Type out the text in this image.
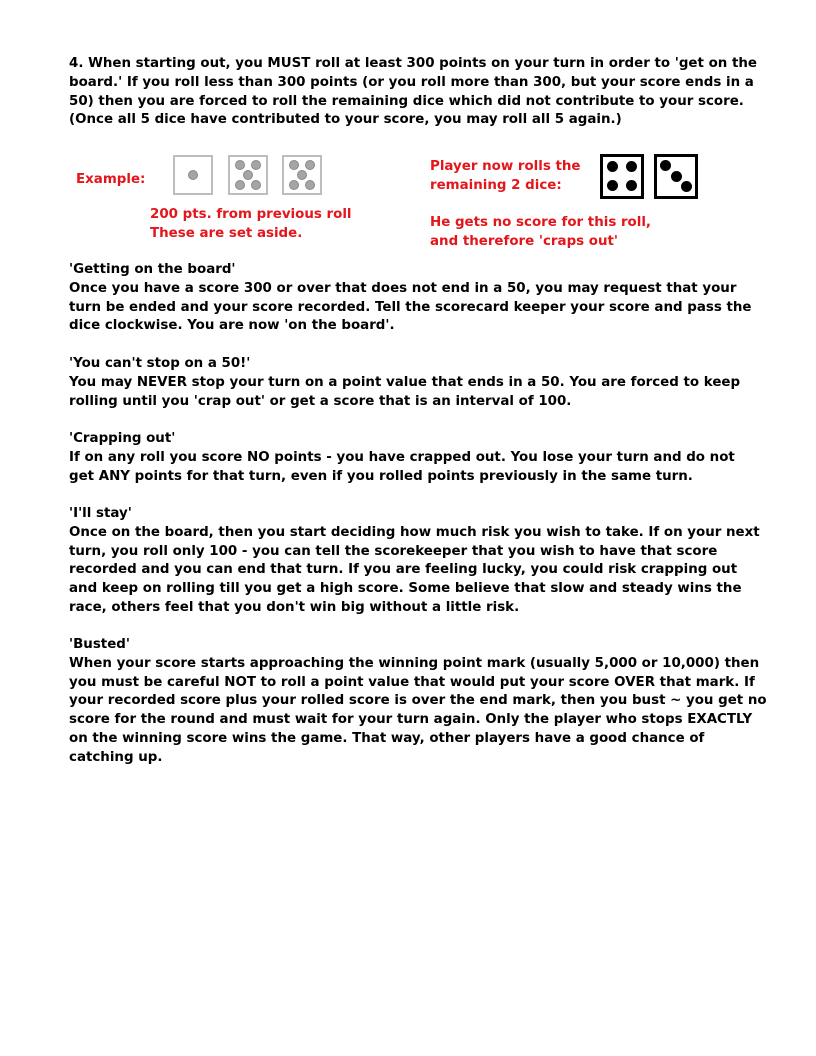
4. When starting out, you MUST roll at least 300 points on your turn in order to 'get on the
board.' If you roll less than 300 points (or you roll more than 300, but your score ends in a
50) then you are forced to roll the remaining dice which did not contribute to your score.
(Once all 5 dice have contributed to your score, you may roll all 5 again.)
Example:
200 pts. from previous roll
These are set aside.
Player now rolls the
remaining 2 dice:
He gets no score for this roll,
and therefore 'craps out'
'Getting on the board'
Once you have a score 300 or over that does not end in a 50, you may request that your
turn be ended and your score recorded. Tell the scorecard keeper your score and pass the
dice clockwise. You are now 'on the board'.
'You can't stop on a 50!'
You may NEVER stop your turn on a point value that ends in a 50. You are forced to keep
rolling until you 'crap out' or get a score that is an interval of 100.
'Crapping out'
If on any roll you score NO points - you have crapped out. You lose your turn and do not
get ANY points for that turn, even if you rolled points previously in the same turn.
'I'll stay'
Once on the board, then you start deciding how much risk you wish to take. If on your next
turn, you roll only 100 - you can tell the scorekeeper that you wish to have that score
recorded and you can end that turn. If you are feeling lucky, you could risk crapping out
and keep on rolling till you get a high score. Some believe that slow and steady wins the
race, others feel that you don't win big without a little risk.
'Busted'
When your score starts approaching the winning point mark (usually 5,000 or 10,000) then
you must be careful NOT to roll a point value that would put your score OVER that mark. If
your recorded score plus your rolled score is over the end mark, then you bust ~ you get no
score for the round and must wait for your turn again. Only the player who stops EXACTLY
on the winning score wins the game. That way, other players have a good chance of
catching up.
